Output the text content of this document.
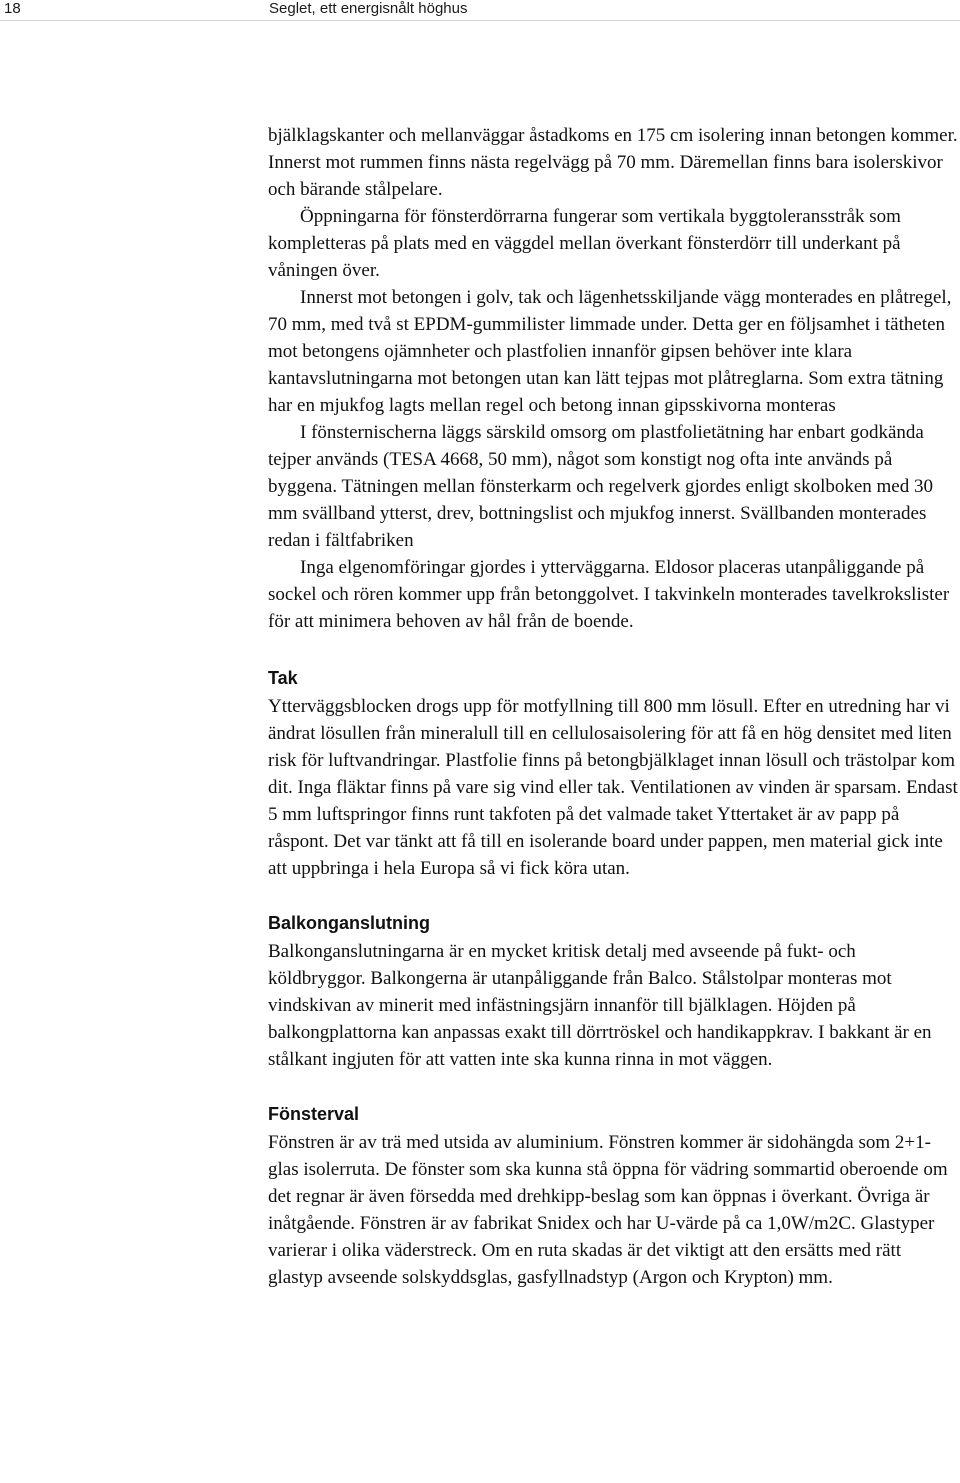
18	Seglet, ett energisnålt höghus

bjälklagskanter och mellanväggar åstadkoms en 175 cm isolering innan betongen kommer. Innerst mot rummen finns nästa regelvägg på 70 mm. Däremellan finns bara isolerskivor och bärande stålpelare.

Öppningarna för fönsterdörrarna fungerar som vertikala byggtoleransstråk som kompletteras på plats med en väggdel mellan överkant fönsterdörr till underkant på våningen över.

Innerst mot betongen i golv, tak och lägenhetsskiljande vägg monterades en plåtregel, 70 mm, med två st EPDM-gummilister limmade under. Detta ger en följsamhet i tätheten mot betongens ojämnheter och plastfolien innanför gipsen behöver inte klara kantavslutningarna mot betongen utan kan lätt tejpas mot plåtreglarna. Som extra tätning har en mjukfog lagts mellan regel och betong innan gipsskivorna monteras

I fönsternischerna läggs särskild omsorg om plastfolietätning har enbart godkända tejper används (TESA 4668, 50 mm), något som konstigt nog ofta inte används på byggena. Tätningen mellan fönsterkarm och regelverk gjordes enligt skolboken med 30 mm svällband ytterst, drev, bottningslist och mjukfog innerst. Svällbanden monterades redan i fältfabriken

Inga elgenomföringar gjordes i ytterväggarna. Eldosor placeras utanpåliggande på sockel och rören kommer upp från betonggolvet. I takvinkeln monterades tavelkrokslister för att minimera behoven av hål från de boende.

Tak

Ytterväggsblocken drogs upp för motfyllning till 800 mm lösull. Efter en utredning har vi ändrat lösullen från mineralull till en cellulosaisolering för att få en hög densitet med liten risk för luftvandringar. Plastfolie finns på betongbjälklaget innan lösull och trästolpar kom dit. Inga fläktar finns på vare sig vind eller tak. Ventilationen av vinden är sparsam. Endast 5 mm luftspringor finns runt takfoten på det valmade taket Yttertaket är av papp på råspont. Det var tänkt att få till en isolerande board under pappen, men material gick inte att uppbringa i hela Europa så vi fick köra utan.

Balkonganslutning

Balkonganslutningarna är en mycket kritisk detalj med avseende på fukt- och köldbryggor. Balkongerna är utanpåliggande från Balco. Stålstolpar monteras mot vindskivan av minerit med infästningsjärn innanför till bjälklagen. Höjden på balkongplattorna kan anpassas exakt till dörrtröskel och handikappkrav. I bakkant är en stålkant ingjuten för att vatten inte ska kunna rinna in mot väggen.

Fönsterval

Fönstren är av trä med utsida av aluminium. Fönstren kommer är sidohängda som 2+1-glas isolerruta. De fönster som ska kunna stå öppna för vädring sommartid oberoende om det regnar är även försedda med drehkipp-beslag som kan öppnas i överkant. Övriga är inåtgående. Fönstren är av fabrikat Snidex och har U-värde på ca 1,0W/m2C. Glastyper varierar i olika väderstreck. Om en ruta skadas är det viktigt att den ersätts med rätt glastyp avseende solskyddsglas, gasfyllnadstyp (Argon och Krypton) mm.
